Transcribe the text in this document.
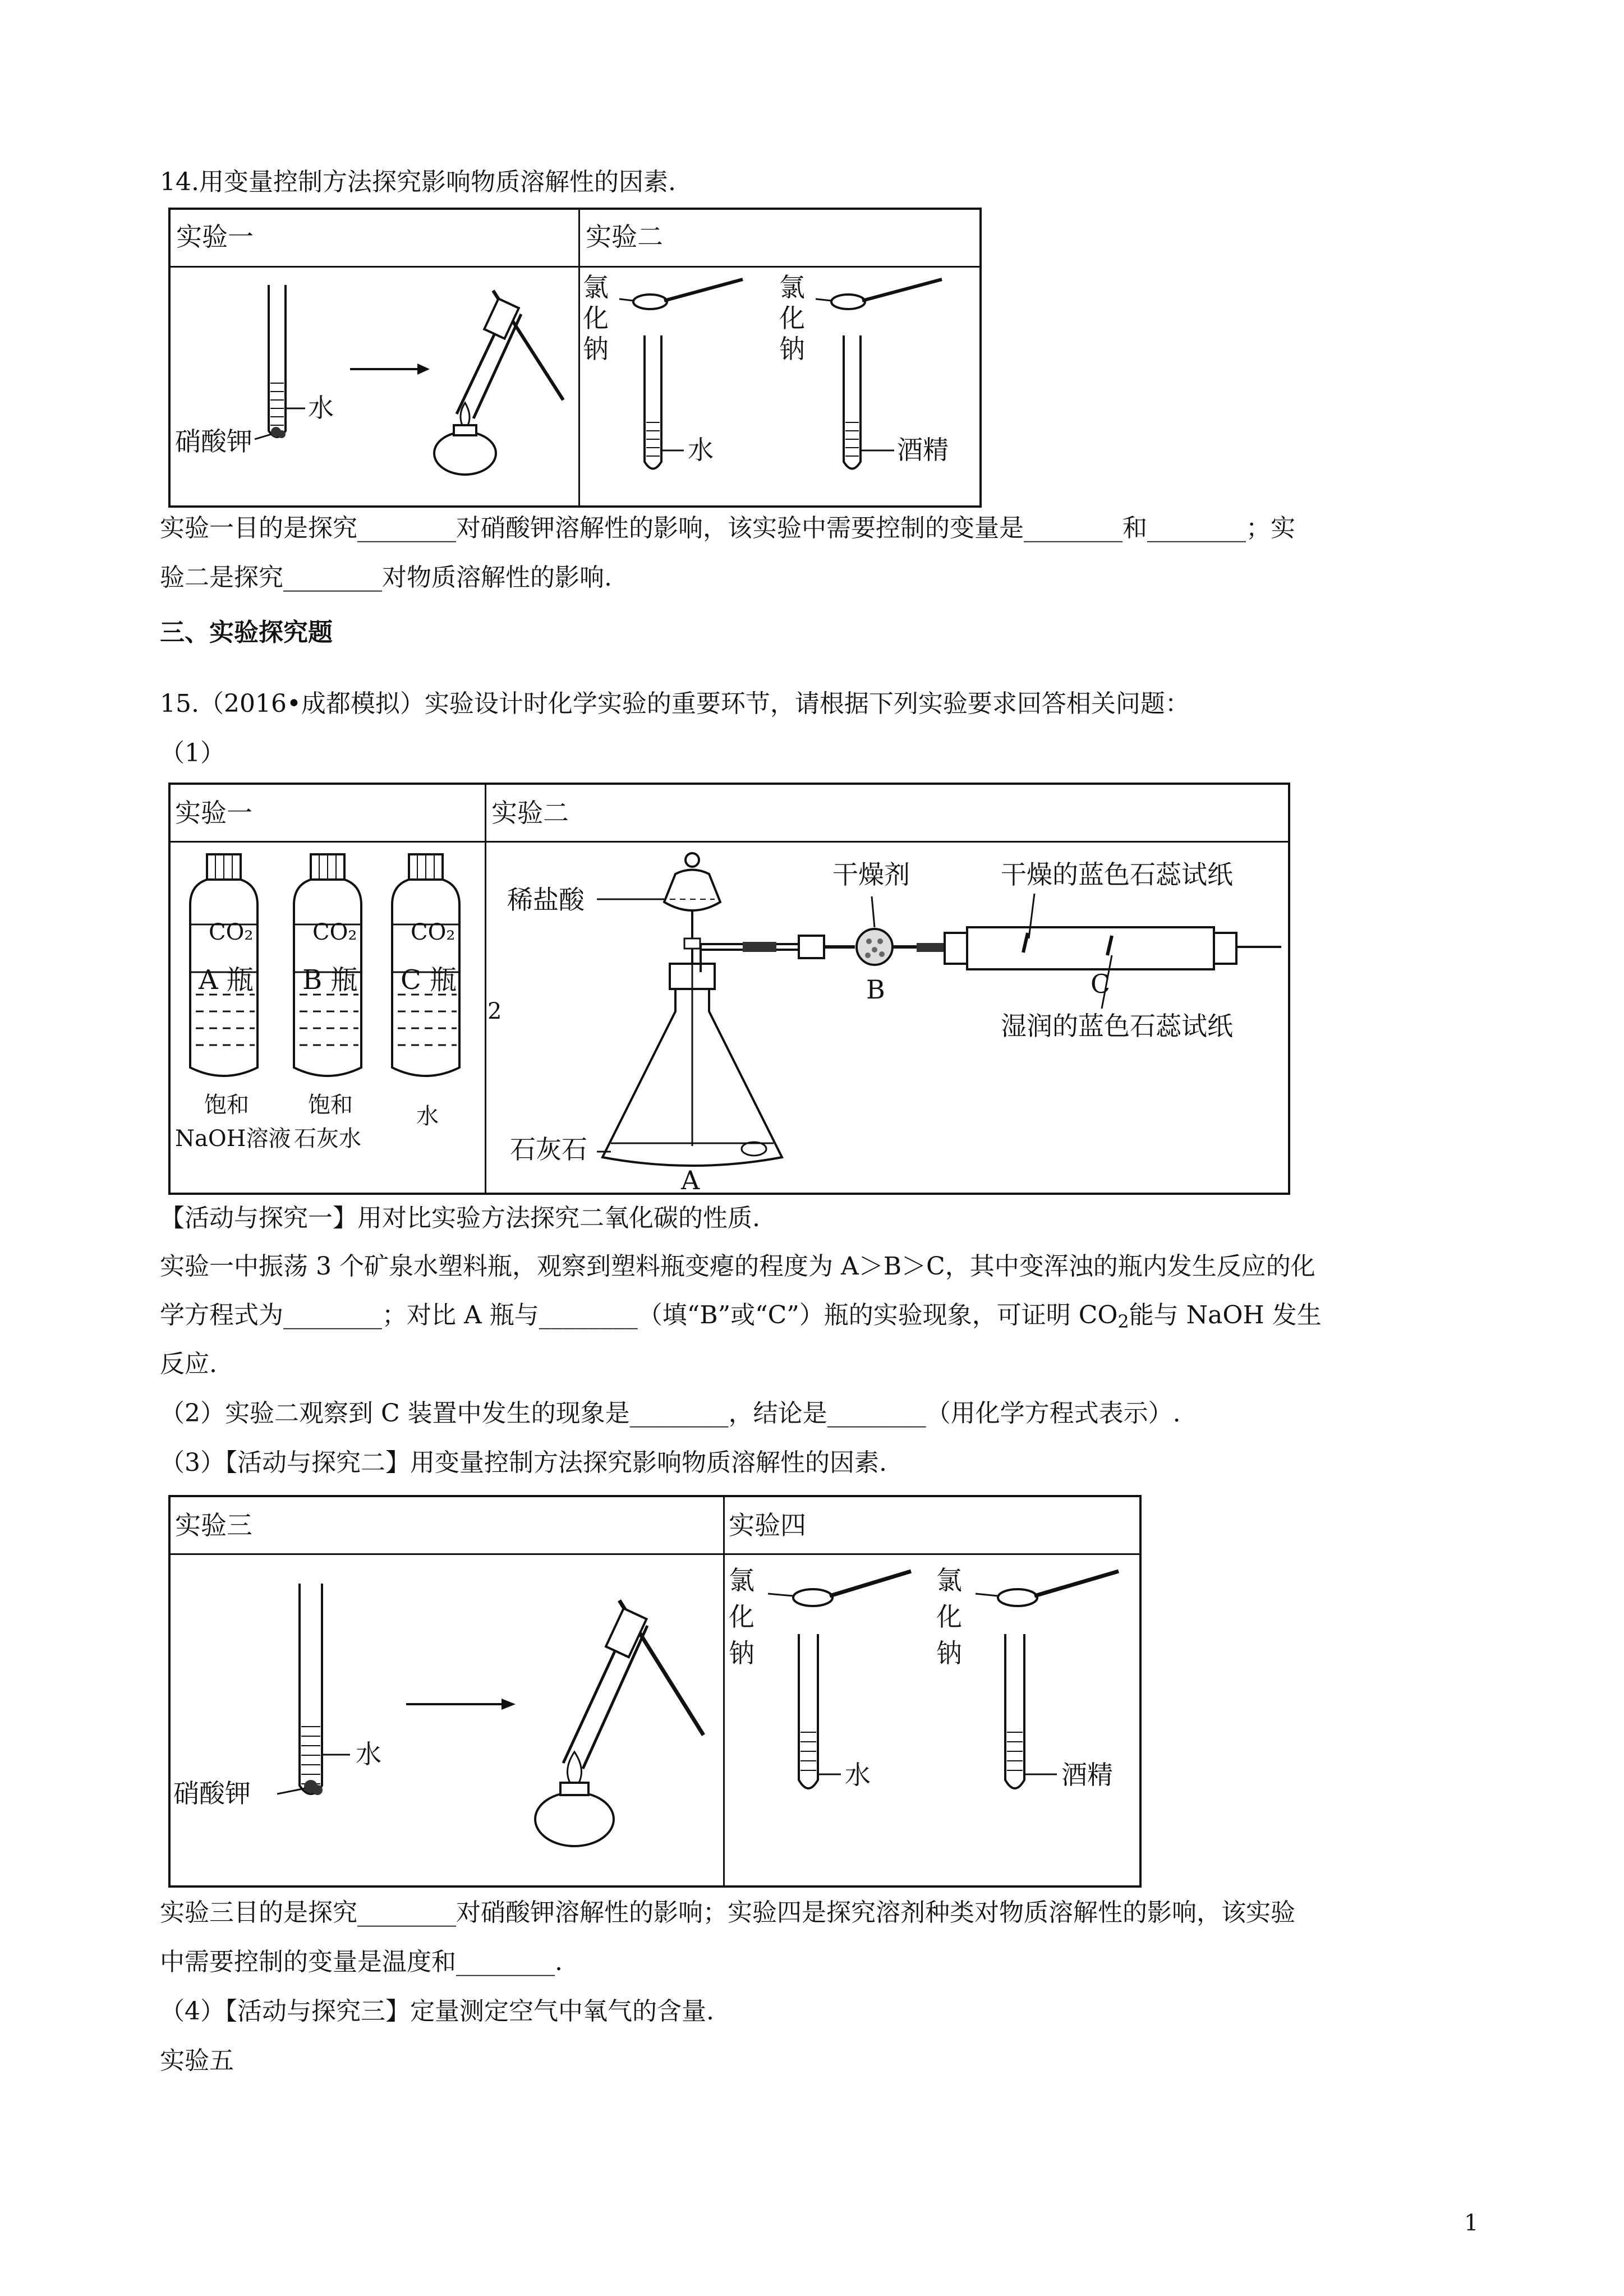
14.用变量控制方法探究影响物质溶解性的因素.
实验一	实验二
水
硝酸钾
氯 化 钠
水
氯 化 钠
酒精
实验一目的是探究________对硝酸钾溶解性的影响，该实验中需要控制的变量是________和________；实
验二是探究________对物质溶解性的影响.
三、实验探究题
15.（2016•成都模拟）实验设计时化学实验的重要环节，请根据下列实验要求回答相关问题：
（1）
实验一	实验二
CO₂
A 瓶
饱和
NaOH溶液
CO₂
B 瓶
饱和
石灰水
CO₂
C 瓶
水
2
稀盐酸
干燥剂	干燥的蓝色石蕊试纸
B	C
湿润的蓝色石蕊试纸
石灰石
A
【活动与探究一】用对比实验方法探究二氧化碳的性质.
实验一中振荡 3 个矿泉水塑料瓶，观察到塑料瓶变瘪的程度为 A＞B＞C，其中变浑浊的瓶内发生反应的化
学方程式为________；对比 A 瓶与________（填“B”或“C”）瓶的实验现象，可证明 $CO_2$能与 NaOH 发生
反应.
（2）实验二观察到 C 装置中发生的现象是________，结论是________（用化学方程式表示）.
（3）【活动与探究二】用变量控制方法探究影响物质溶解性的因素.
实验三	实验四
水
硝酸钾
氯 化 钠
水
氯 化 钠
酒精
实验三目的是探究________对硝酸钾溶解性的影响；实验四是探究溶剂种类对物质溶解性的影响，该实验
中需要控制的变量是温度和________.
（4）【活动与探究三】定量测定空气中氧气的含量.
实验五
1
